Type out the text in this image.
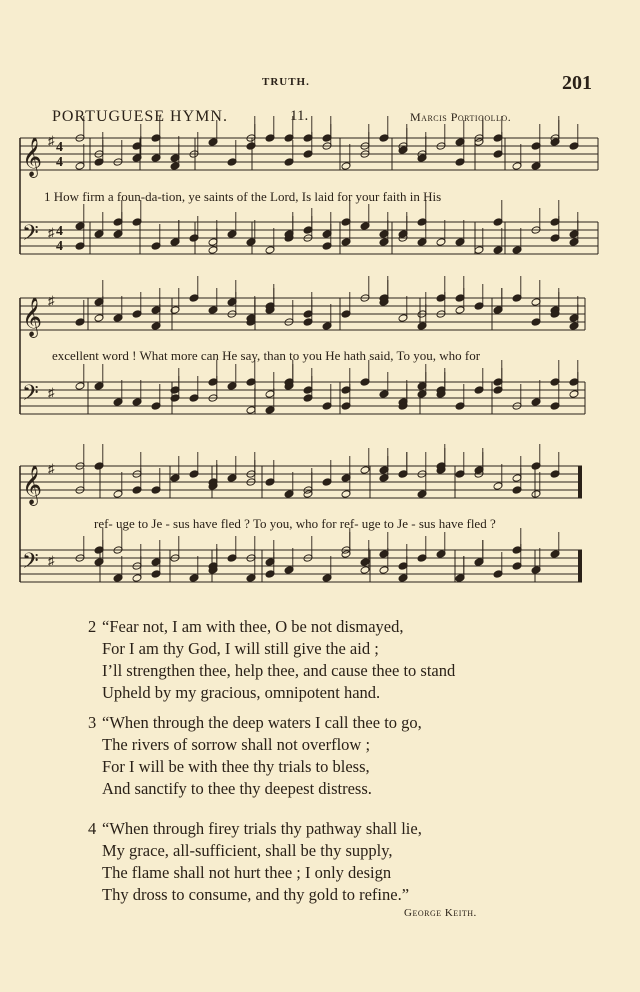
TRUTH.	201
PORTUGUESE HYMN.	11.	Marcis Portigollo.
𝄞 ♯
𝄢 ♯
4
4
4
4
𝄞 ♯
𝄢 ♯
𝄞 ♯
𝄢 ♯
1 How firm a foun-da-tion, ye saints of the Lord, Is laid for your faith in His
excellent word ! What more can He say, than to you He hath said, To you, who for
ref- uge to Je - sus have fled ? To you, who for ref- uge to Je - sus have fled ?
2 “Fear not, I am with thee, O be not dismayed,
For I am thy God, I will still give the aid ;
I’ll strengthen thee, help thee, and cause thee to stand
Upheld by my gracious, omnipotent hand.
3 “When through the deep waters I call thee to go,
The rivers of sorrow shall not overflow ;
For I will be with thee thy trials to bless,
And sanctify to thee thy deepest distress.
4 “When through firey trials thy pathway shall lie,
My grace, all-sufficient, shall be thy supply,
The flame shall not hurt thee ; I only design
Thy dross to consume, and thy gold to refine.”
George Keith.
